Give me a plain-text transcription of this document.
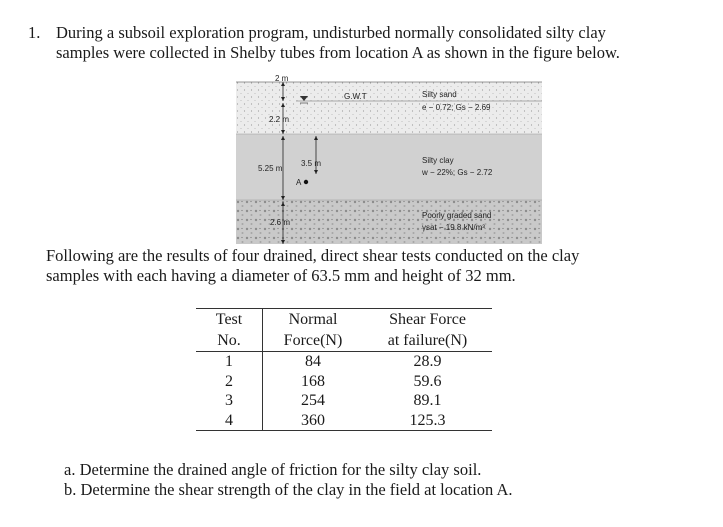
1. During a subsoil exploration program, undisturbed normally consolidated silty clay
samples were collected in Shelby tubes from location A as shown in the figure below.
G.W.T
2 m
2.2 m
5.25 m
3.5 m
A
2.6 m
Silty sand
e − 0.72; Gs − 2.69
Silty clay
w − 22%; Gs − 2.72
Poorly graded sand
γsat − 19.8 kN/m³
Following are the results of four drained, direct shear tests conducted on the clay
samples with each having a diameter of 63.5 mm and height of 32 mm.
Test	Normal	Shear Force
No.	Force(N)	at failure(N)
1	84	28.9
2	168	59.6
3	254	89.1
4	360	125.3
a. Determine the drained angle of friction for the silty clay soil.
b. Determine the shear strength of the clay in the field at location A.
